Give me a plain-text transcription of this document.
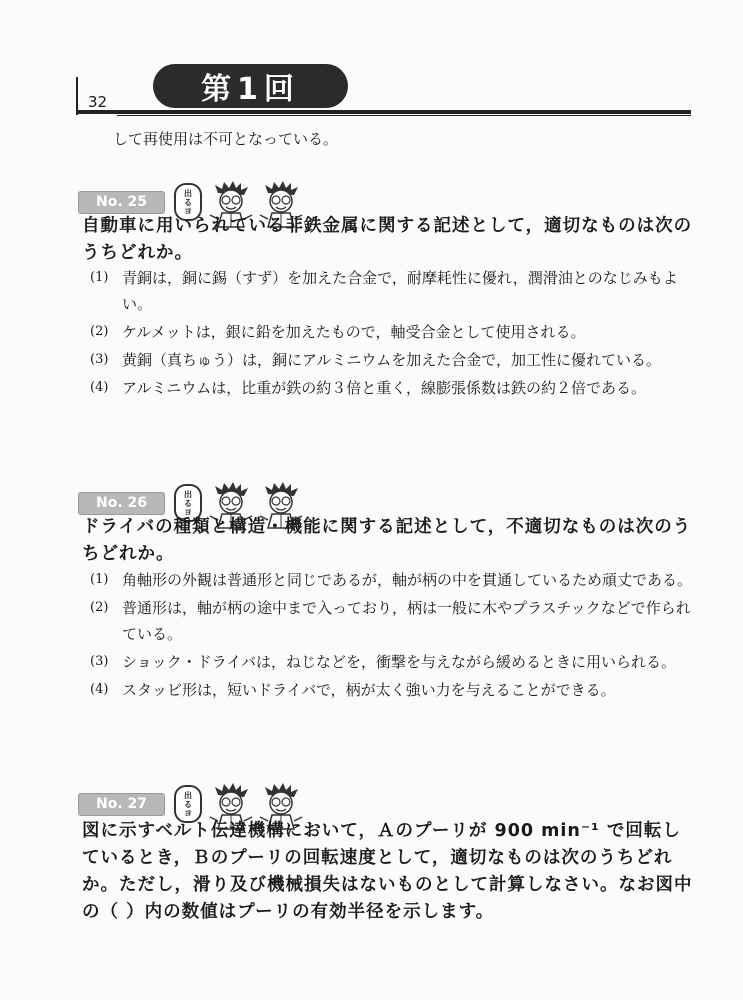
32	第1回
して再使用は不可となっている。
No. 25
出
る
ヨ

自動車に用いられている非鉄金属に関する記述として，適切なものは次のうちどれか。

(1) 青銅は，銅に錫（すず）を加えた合金で，耐摩耗性に優れ，潤滑油とのなじみもよい。
(2) ケルメットは，銀に鉛を加えたもので，軸受合金として使用される。
(3) 黄銅（真ちゅう）は，銅にアルミニウムを加えた合金で，加工性に優れている。
(4) アルミニウムは，比重が鉄の約３倍と重く，線膨張係数は鉄の約２倍である。
No. 26
出
る
ヨ

ドライバの種類と構造・機能に関する記述として，不適切なものは次のうちどれか。

(1) 角軸形の外観は普通形と同じであるが，軸が柄の中を貫通しているため頑丈である。
(2) 普通形は，軸が柄の途中まで入っており，柄は一般に木やプラスチックなどで作られている。
(3) ショック・ドライバは，ねじなどを，衝撃を与えながら緩めるときに用いられる。
(4) スタッビ形は，短いドライバで，柄が太く強い力を与えることができる。
No. 27
出
る
ヨ

図に示すベルト伝達機構において，Ａのプーリが 900 min⁻¹ で回転しているとき，Ｂのプーリの回転速度として，適切なものは次のうちどれか。ただし，滑り及び機械損失はないものとして計算しなさい。なお図中の（ ）内の数値はプーリの有効半径を示します。
